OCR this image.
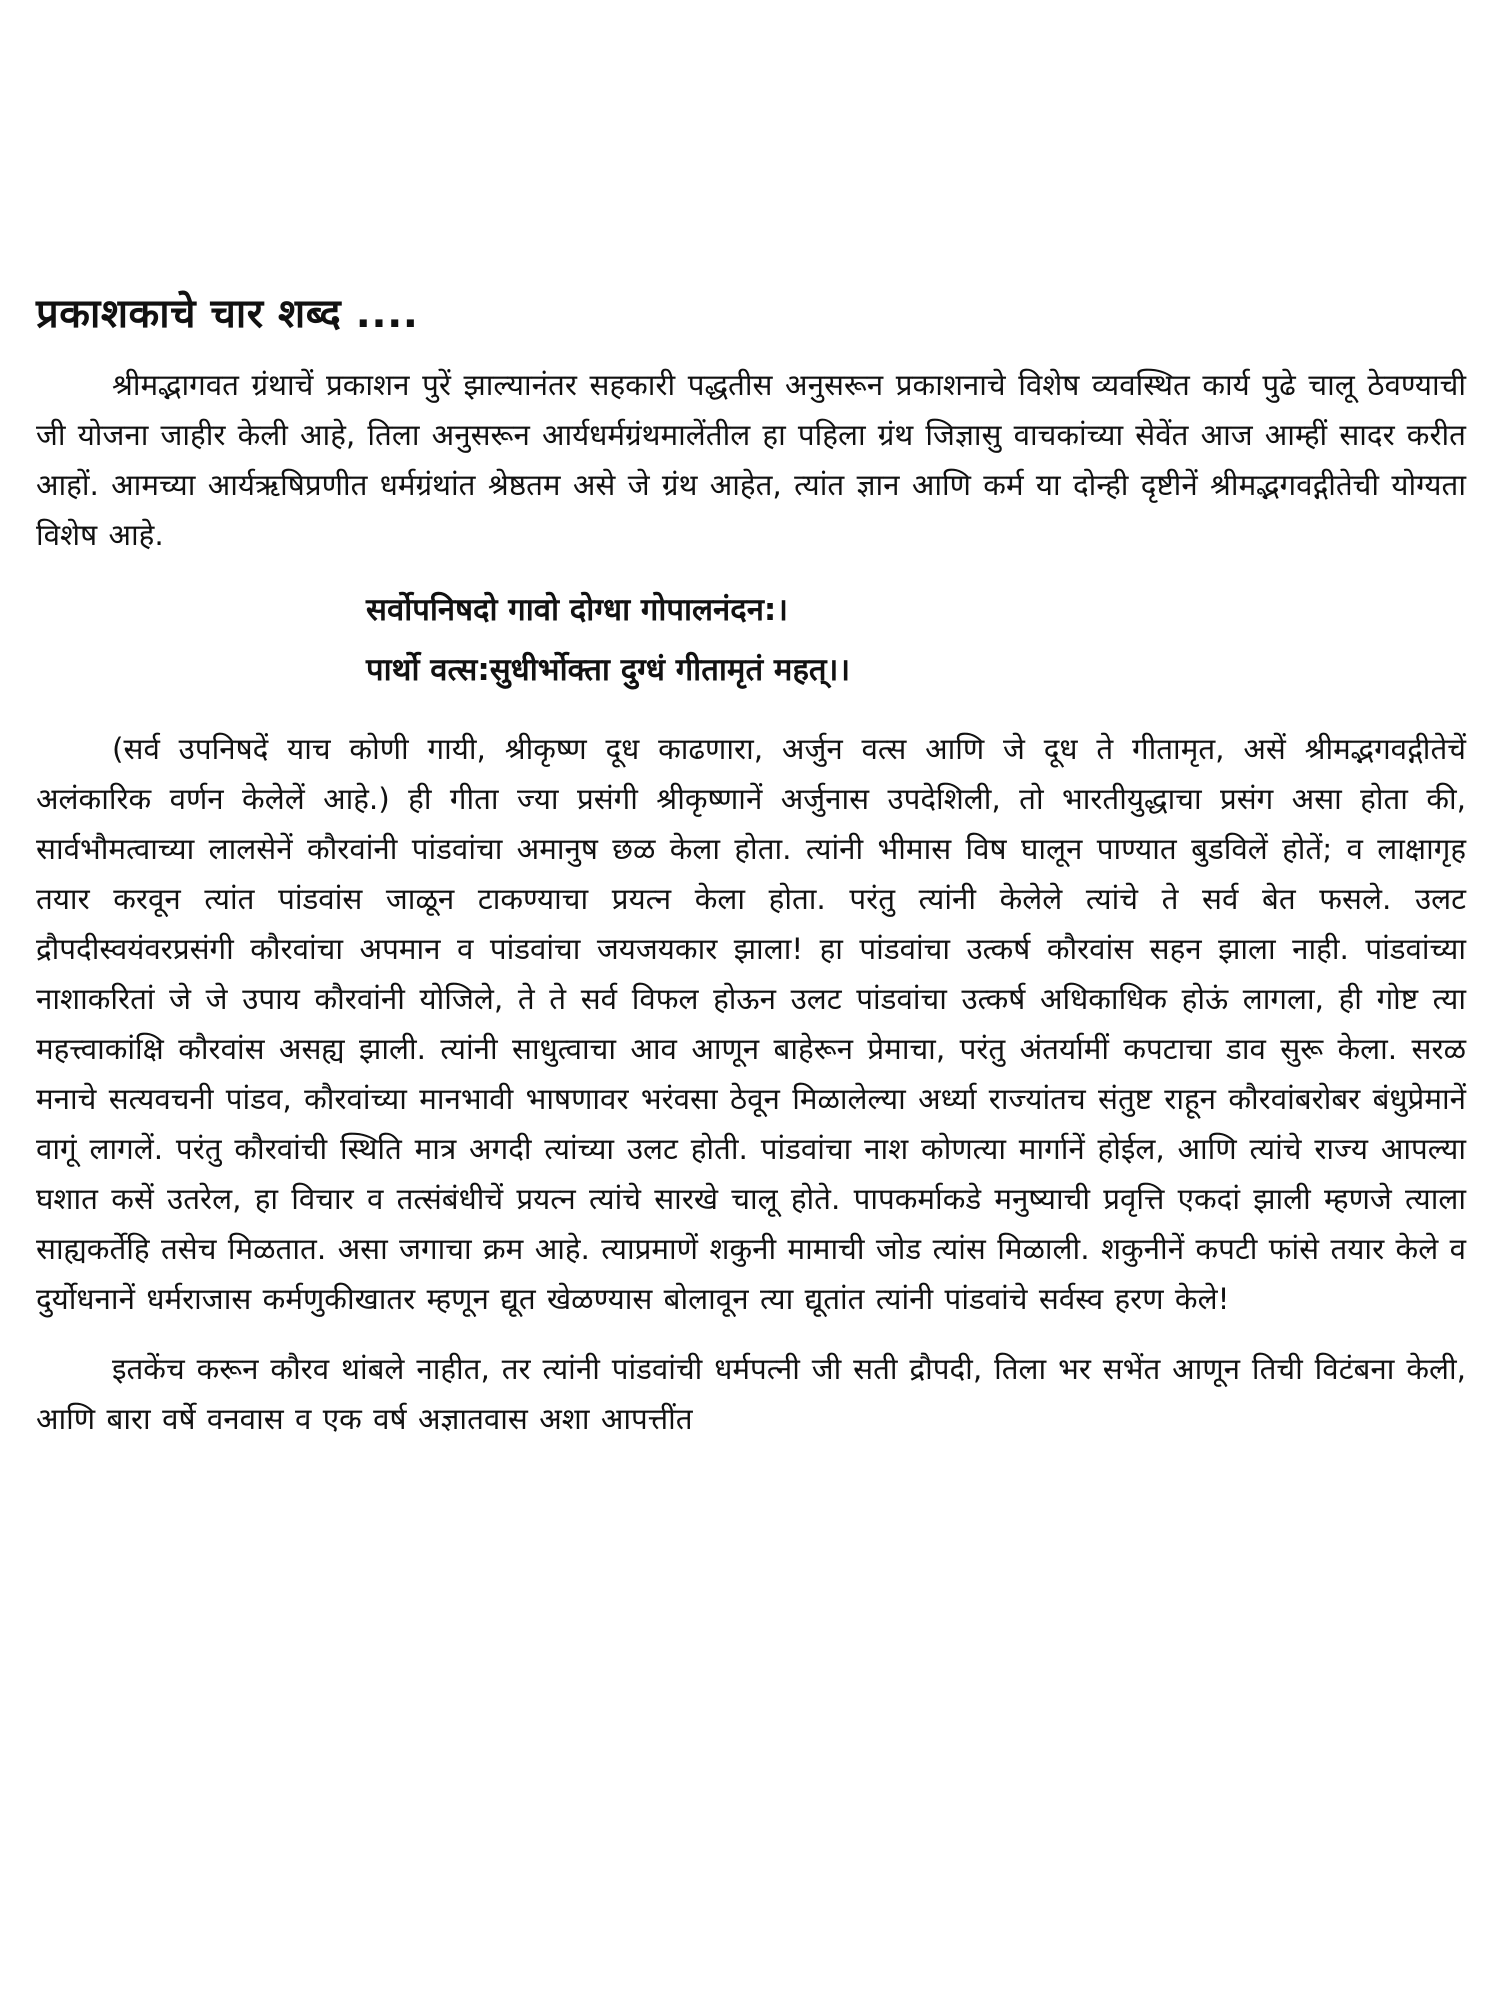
प्रकाशकाचे चार शब्द ....

श्रीमद्भागवत ग्रंथाचें प्रकाशन पुरें झाल्यानंतर सहकारी पद्धतीस अनुसरून प्रकाशनाचे विशेष व्यवस्थित कार्य पुढे चालू ठेवण्याची जी योजना जाहीर केली आहे, तिला अनुसरून आर्यधर्मग्रंथमालेंतील हा पहिला ग्रंथ जिज्ञासु वाचकांच्या सेवेंत आज आम्हीं सादर करीत आहों. आमच्या आर्यऋषिप्रणीत धर्मग्रंथांत श्रेष्ठतम असे जे ग्रंथ आहेत, त्यांत ज्ञान आणि कर्म या दोन्ही दृष्टीनें श्रीमद्भगवद्गीतेची योग्यता विशेष आहे.

सर्वोपनिषदो गावो दोग्धा गोपालनंदन:।
पार्थो वत्स:सुधीर्भोक्ता दुग्धं गीतामृतं महत्।।

(सर्व उपनिषदें याच कोणी गायी, श्रीकृष्ण दूध काढणारा, अर्जुन वत्स आणि जे दूध ते गीतामृत, असें श्रीमद्भगवद्गीतेचें अलंकारिक वर्णन केलेलें आहे.) ही गीता ज्या प्रसंगी श्रीकृष्णानें अर्जुनास उपदेशिली, तो भारतीयुद्धाचा प्रसंग असा होता की, सार्वभौमत्वाच्या लालसेनें कौरवांनी पांडवांचा अमानुष छळ केला होता. त्यांनी भीमास विष घालून पाण्यात बुडविलें होतें; व लाक्षागृह तयार करवून त्यांत पांडवांस जाळून टाकण्याचा प्रयत्न केला होता. परंतु त्यांनी केलेले त्यांचे ते सर्व बेत फसले. उलट द्रौपदीस्वयंवरप्रसंगी कौरवांचा अपमान व पांडवांचा जयजयकार झाला! हा पांडवांचा उत्कर्ष कौरवांस सहन झाला नाही. पांडवांच्या नाशाकरितां जे जे उपाय कौरवांनी योजिले, ते ते सर्व विफल होऊन उलट पांडवांचा उत्कर्ष अधिकाधिक होऊं लागला, ही गोष्ट त्या महत्त्वाकांक्षि कौरवांस असह्य झाली. त्यांनी साधुत्वाचा आव आणून बाहेरून प्रेमाचा, परंतु अंतर्यामीं कपटाचा डाव सुरू केला. सरळ मनाचे सत्यवचनी पांडव, कौरवांच्या मानभावी भाषणावर भरंवसा ठेवून मिळालेल्या अर्ध्या राज्यांतच संतुष्ट राहून कौरवांबरोबर बंधुप्रेमानें वागूं लागलें. परंतु कौरवांची स्थिति मात्र अगदी त्यांच्या उलट होती. पांडवांचा नाश कोणत्या मार्गानें होईल, आणि त्यांचे राज्य आपल्या घशात कसें उतरेल, हा विचार व तत्संबंधीचें प्रयत्न त्यांचे सारखे चालू होते. पापकर्माकडे मनुष्याची प्रवृत्ति एकदां झाली म्हणजे त्याला साह्यकर्तेहि तसेच मिळतात. असा जगाचा क्रम आहे. त्याप्रमाणें शकुनी मामाची जोड त्यांस मिळाली. शकुनीनें कपटी फांसे तयार केले व दुर्योधनानें धर्मराजास कर्मणुकीखातर म्हणून द्यूत खेळण्यास बोलावून त्या द्यूतांत त्यांनी पांडवांचे सर्वस्व हरण केले!

इतकेंच करून कौरव थांबले नाहीत, तर त्यांनी पांडवांची धर्मपत्नी जी सती द्रौपदी, तिला भर सभेंत आणून तिची विटंबना केली, आणि बारा वर्षे वनवास व एक वर्ष अज्ञातवास अशा आपत्तींत
